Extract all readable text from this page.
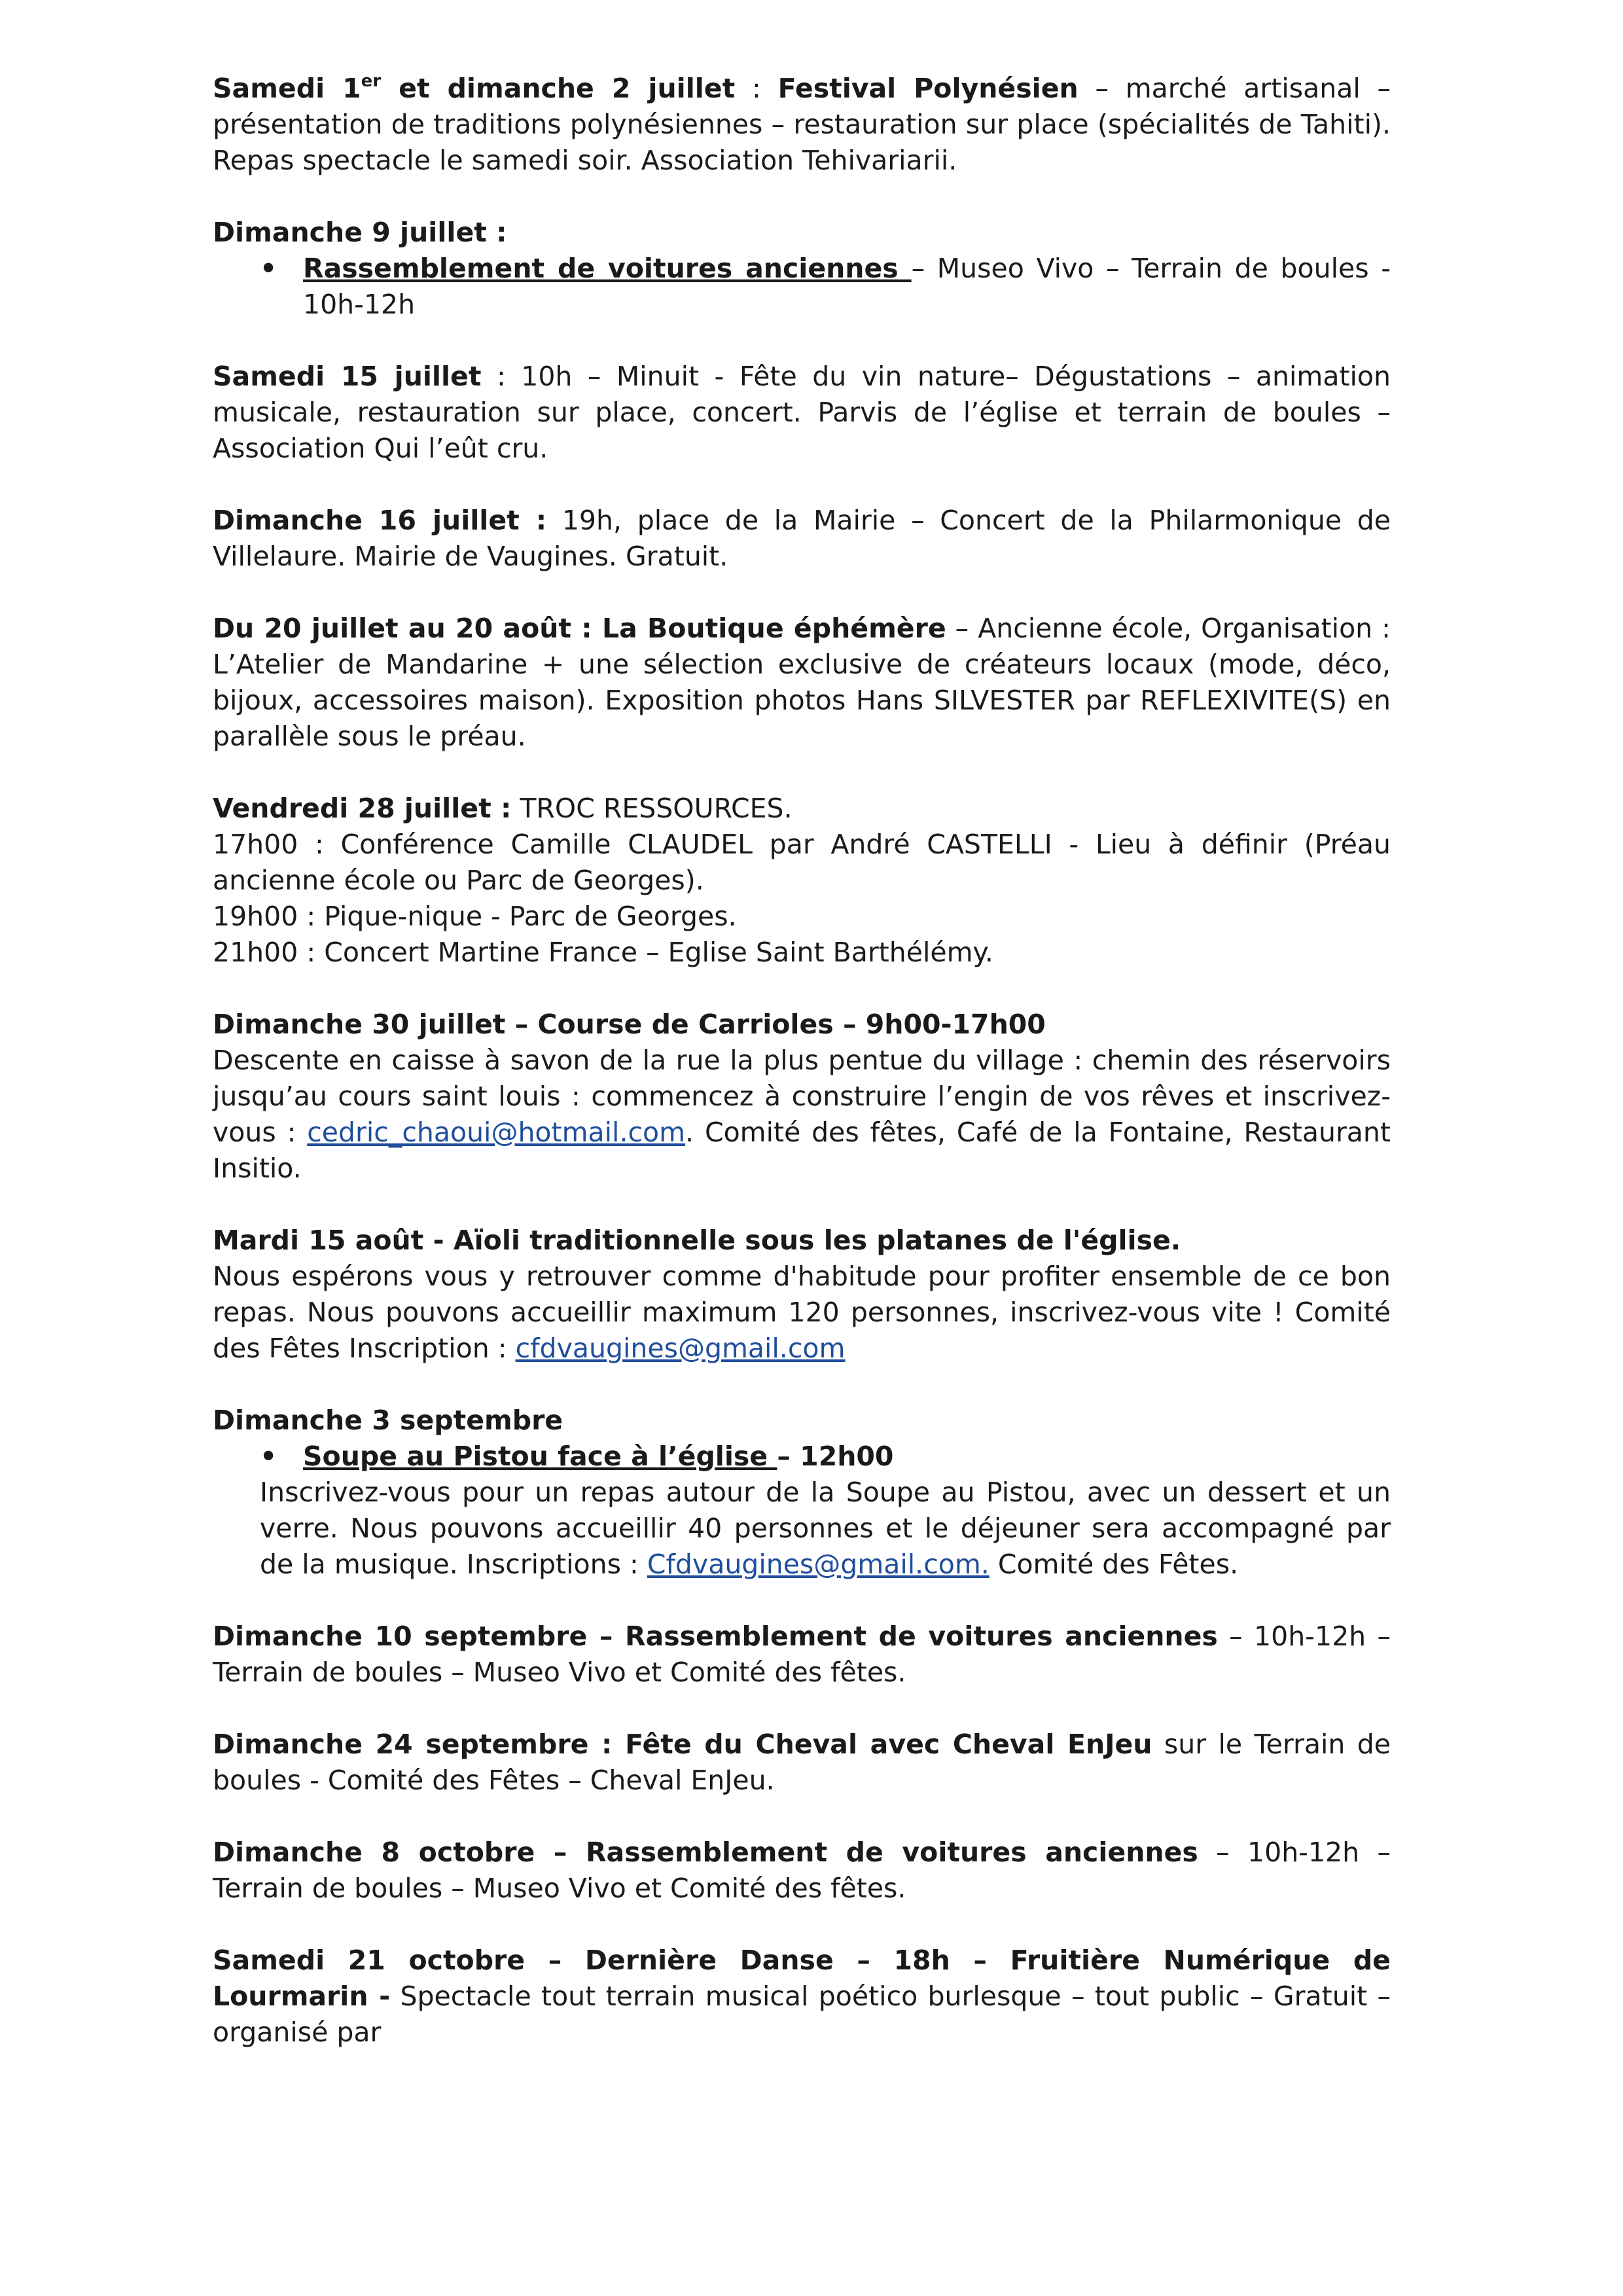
Samedi 1er et dimanche 2 juillet : Festival Polynésien – marché artisanal – présentation de traditions polynésiennes – restauration sur place (spécialités de Tahiti). Repas spectacle le samedi soir. Association Tehivariarii.

Dimanche 9 juillet :

• Rassemblement de voitures anciennes – Museo Vivo – Terrain de boules - 10h-12h

Samedi 15 juillet : 10h – Minuit - Fête du vin nature– Dégustations – animation musicale, restauration sur place, concert. Parvis de l’église et terrain de boules – Association Qui l’eût cru.

Dimanche 16 juillet : 19h, place de la Mairie – Concert de la Philarmonique de Villelaure. Mairie de Vaugines. Gratuit.

Du 20 juillet au 20 août : La Boutique éphémère – Ancienne école, Organisation : L’Atelier de Mandarine + une sélection exclusive de créateurs locaux (mode, déco, bijoux, accessoires maison). Exposition photos Hans SILVESTER par REFLEXIVITE(S) en parallèle sous le préau.

Vendredi 28 juillet : TROC RESSOURCES.

17h00 : Conférence Camille CLAUDEL par André CASTELLI - Lieu à définir (Préau ancienne école ou Parc de Georges).

19h00 : Pique-nique - Parc de Georges.

21h00 : Concert Martine France – Eglise Saint Barthélémy.

Dimanche 30 juillet – Course de Carrioles – 9h00-17h00

Descente en caisse à savon de la rue la plus pentue du village : chemin des réservoirs jusqu’au cours saint louis : commencez à construire l’engin de vos rêves et inscrivez-vous : cedric_chaoui@hotmail.com. Comité des fêtes, Café de la Fontaine, Restaurant Insitio.

Mardi 15 août - Aïoli traditionnelle sous les platanes de l'église.

Nous espérons vous y retrouver comme d'habitude pour profiter ensemble de ce bon repas. Nous pouvons accueillir maximum 120 personnes, inscrivez-vous vite ! Comité des Fêtes Inscription : cfdvaugines@gmail.com

Dimanche 3 septembre

• Soupe au Pistou face à l’église – 12h00

Inscrivez-vous pour un repas autour de la Soupe au Pistou, avec un dessert et un verre. Nous pouvons accueillir 40 personnes et le déjeuner sera accompagné par de la musique. Inscriptions : Cfdvaugines@gmail.com. Comité des Fêtes.

Dimanche 10 septembre – Rassemblement de voitures anciennes – 10h-12h – Terrain de boules – Museo Vivo et Comité des fêtes.

Dimanche 24 septembre : Fête du Cheval avec Cheval EnJeu sur le Terrain de boules - Comité des Fêtes – Cheval EnJeu.

Dimanche 8 octobre – Rassemblement de voitures anciennes – 10h-12h – Terrain de boules – Museo Vivo et Comité des fêtes.

Samedi 21 octobre – Dernière Danse – 18h – Fruitière Numérique de Lourmarin - Spectacle tout terrain musical poético burlesque – tout public – Gratuit – organisé par
